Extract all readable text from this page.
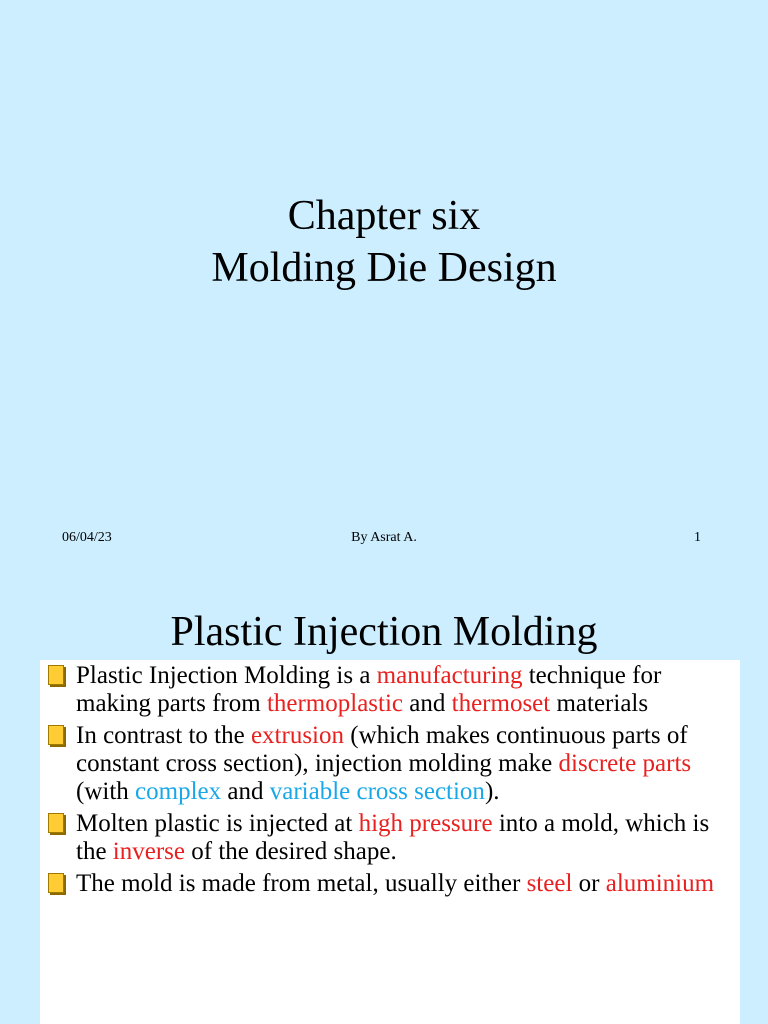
Chapter six
Molding Die Design
By Asrat A.
06/04/23	1
Plastic Injection Molding
Plastic Injection Molding is a manufacturing technique for making parts from thermoplastic and thermoset materials
In contrast to the extrusion (which makes continuous parts of constant cross section), injection molding make discrete parts (with complex and variable cross section).
Molten plastic is injected at high pressure into a mold, which is the inverse of the desired shape.
The mold is made from metal, usually either steel or aluminium
